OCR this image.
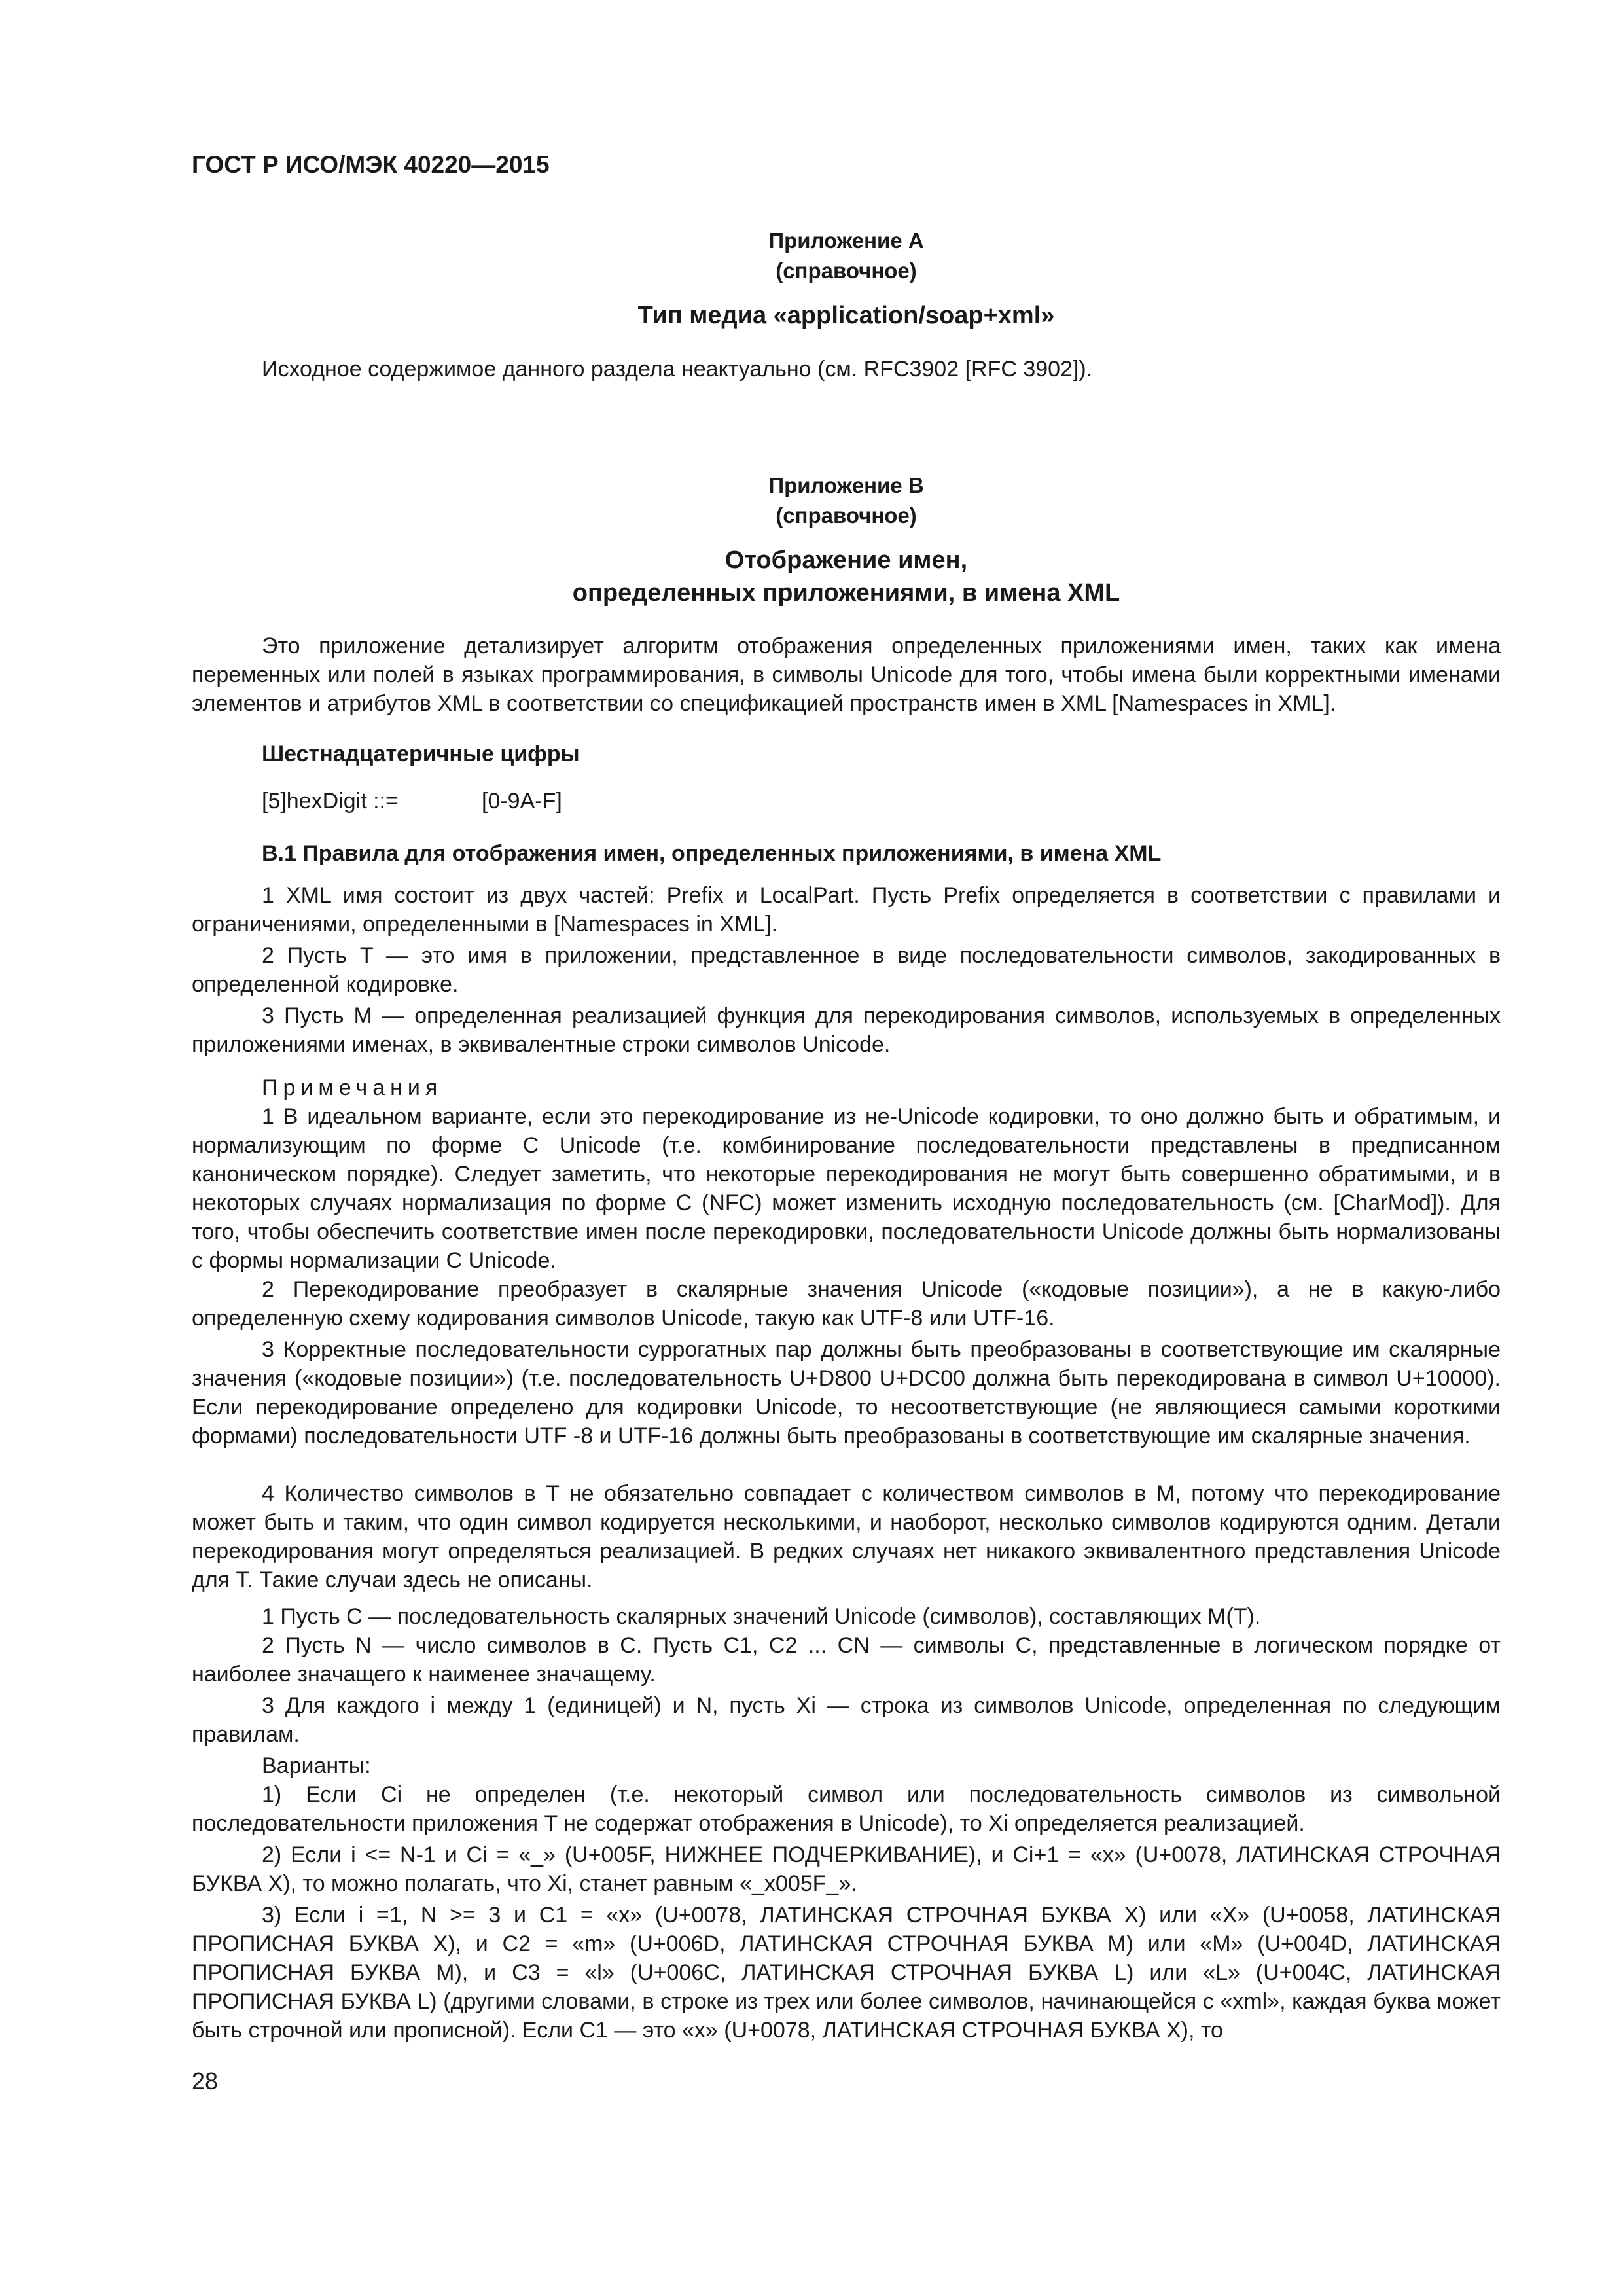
ГОСТ Р ИСО/МЭК 40220—2015
Приложение А
(справочное)
Тип медиа «application/soap+xml»
Исходное содержимое данного раздела неактуально (см. RFC3902 [RFC 3902]).
Приложение В
(справочное)
Отображение имен,
определенных приложениями, в имена XML

Это приложение детализирует алгоритм отображения определенных приложениями имен, таких как имена переменных или полей в языках программирования, в символы Unicode для того, чтобы имена были корректными именами элементов и атрибутов XML в соответствии со спецификацией пространств имен в XML [Namespaces in XML].

Шестнадцатеричные цифры
[5]hexDigit ::=	[0-9A-F]
В.1 Правила для отображения имен, определенных приложениями, в имена XML

1 XML имя состоит из двух частей: Prefix и LocalPart. Пусть Prefix определяется в соответствии с правилами и ограничениями, определенными в [Namespaces in XML].

2 Пусть T — это имя в приложении, представленное в виде последовательности символов, закодированных в определенной кодировке.

3 Пусть M — определенная реализацией функция для перекодирования символов, используемых в определенных приложениями именах, в эквивалентные строки символов Unicode.

Примечания

1 В идеальном варианте, если это перекодирование из не-Unicode кодировки, то оно должно быть и обратимым, и нормализующим по форме С Unicode (т.е. комбинирование последовательности представлены в предписанном каноническом порядке). Следует заметить, что некоторые перекодирования не могут быть совершенно обратимыми, и в некоторых случаях нормализация по форме С (NFC) может изменить исходную последовательность (см. [CharMod]). Для того, чтобы обеспечить соответствие имен после перекодировки, последовательности Unicode должны быть нормализованы с формы нормализации С Unicode.

2 Перекодирование преобразует в скалярные значения Unicode («кодовые позиции»), а не в какую-либо определенную схему кодирования символов Unicode, такую как UTF-8 или UTF-16.

3 Корректные последовательности суррогатных пар должны быть преобразованы в соответствующие им скалярные значения («кодовые позиции») (т.е. последовательность U+D800 U+DC00 должна быть перекодирована в символ U+10000). Если перекодирование определено для кодировки Unicode, то несоответствующие (не являющиеся самыми короткими формами) последовательности UTF -8 и UTF-16 должны быть преобразованы в соответствующие им скалярные значения.

4 Количество символов в T не обязательно совпадает с количеством символов в M, потому что перекодирование может быть и таким, что один символ кодируется несколькими, и наоборот, несколько символов кодируются одним. Детали перекодирования могут определяться реализацией. В редких случаях нет никакого эквивалентного представления Unicode для T. Такие случаи здесь не описаны.

1 Пусть C — последовательность скалярных значений Unicode (символов), составляющих M(T).

2 Пусть N — число символов в C. Пусть C1, C2 ... CN — символы C, представленные в логическом порядке от наиболее значащего к наименее значащему.

3 Для каждого i между 1 (единицей) и N, пусть Xi — строка из символов Unicode, определенная по следующим правилам.

Варианты:

1) Если Ci не определен (т.е. некоторый символ или последовательность символов из символьной последовательности приложения T не содержат отображения в Unicode), то Xi определяется реализацией.

2) Если i <= N-1 и Ci = «_» (U+005F, НИЖНЕЕ ПОДЧЕРКИВАНИЕ), и Ci+1 = «x» (U+0078, ЛАТИНСКАЯ СТРОЧНАЯ БУКВА X), то можно полагать, что Xi, станет равным «_x005F_».

3) Если i =1, N >= 3 и C1 = «x» (U+0078, ЛАТИНСКАЯ СТРОЧНАЯ БУКВА X) или «X» (U+0058, ЛАТИНСКАЯ ПРОПИСНАЯ БУКВА X), и C2 = «m» (U+006D, ЛАТИНСКАЯ СТРОЧНАЯ БУКВА M) или «M» (U+004D, ЛАТИНСКАЯ ПРОПИСНАЯ БУКВА M), и C3 = «l» (U+006C, ЛАТИНСКАЯ СТРОЧНАЯ БУКВА L) или «L» (U+004C, ЛАТИНСКАЯ ПРОПИСНАЯ БУКВА L) (другими словами, в строке из трех или более символов, начинающейся с «xml», каждая буква может быть строчной или прописной). Если C1 — это «x» (U+0078, ЛАТИНСКАЯ СТРОЧНАЯ БУКВА X), то

28
